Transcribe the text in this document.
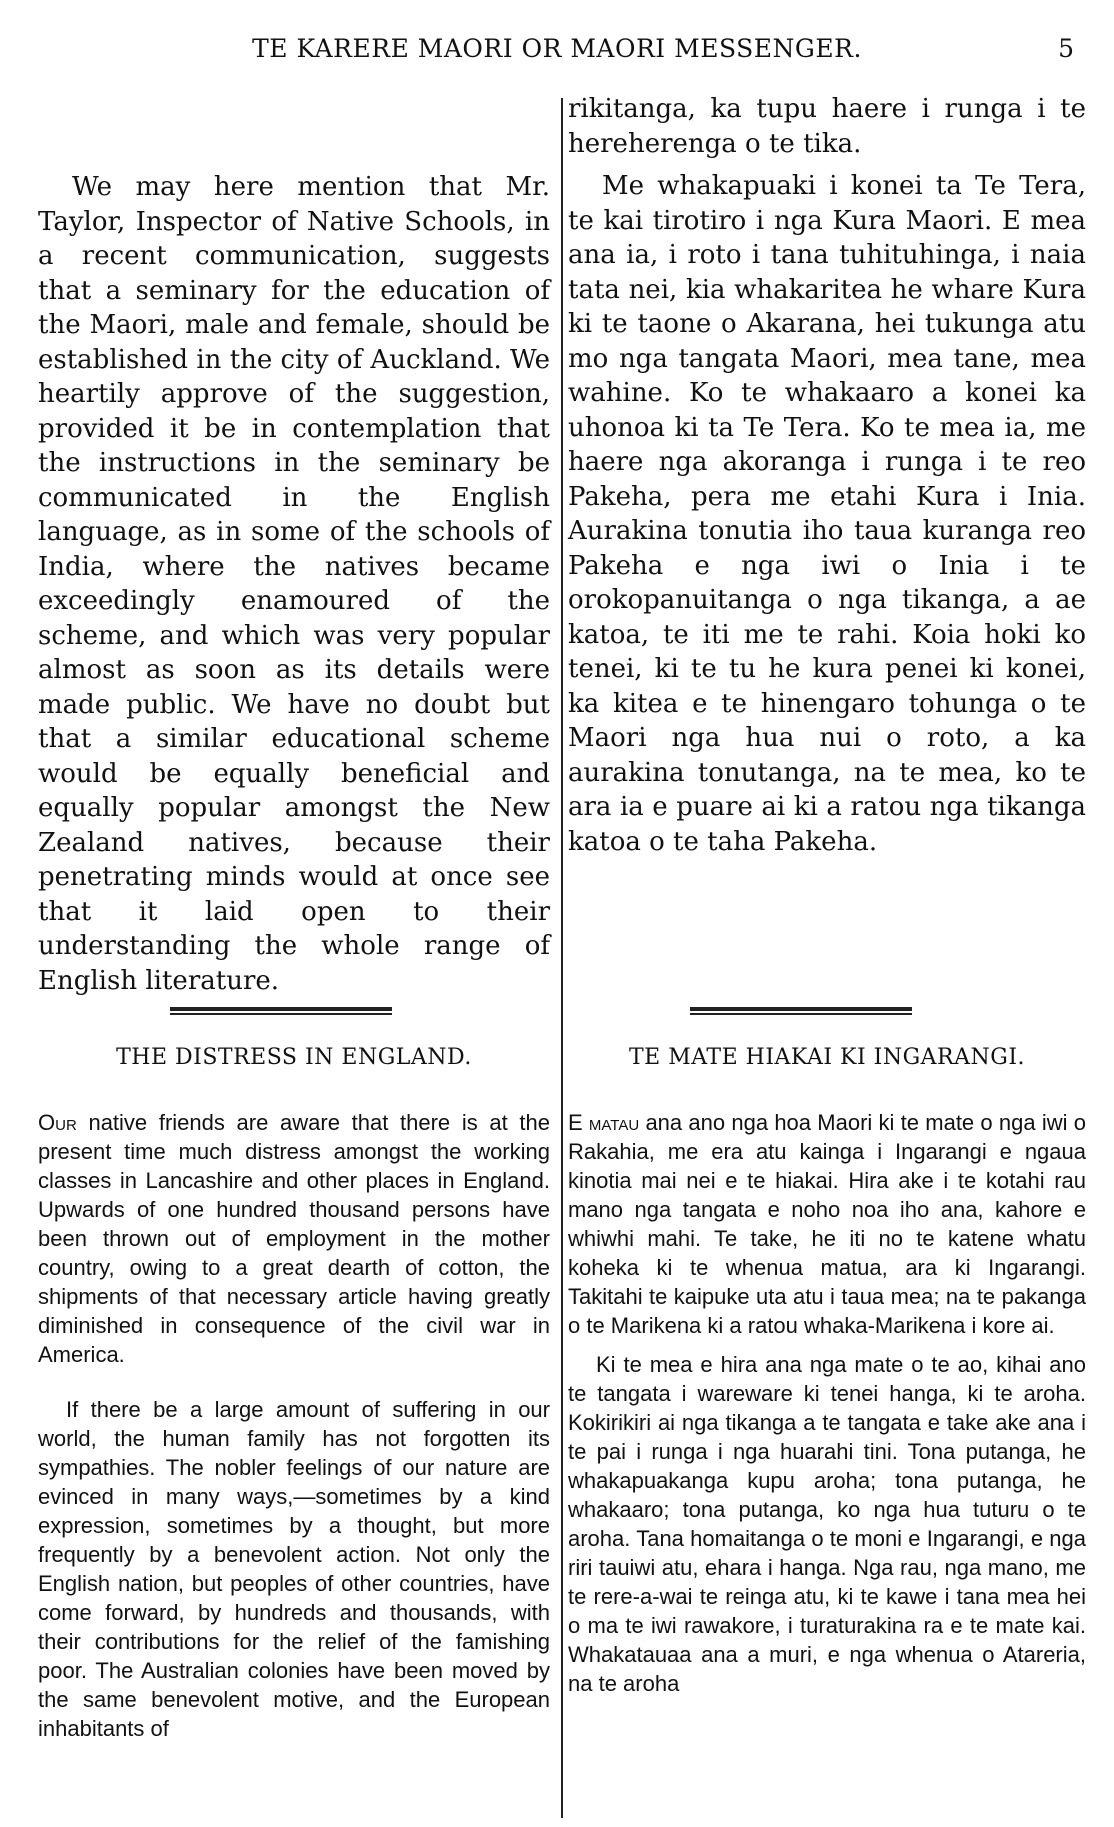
TE KARERE MAORI OR MAORI MESSENGER.	5

We may here mention that Mr. Taylor, Inspector of Native Schools, in a recent communication, suggests that a seminary for the education of the Maori, male and female, should be established in the city of Auckland. We heartily approve of the suggestion, provided it be in contemplation that the instructions in the seminary be communicated in the English language, as in some of the schools of India, where the natives became exceedingly enamoured of the scheme, and which was very popular almost as soon as its details were made public. We have no doubt but that a similar educational scheme would be equally beneficial and equally popular amongst the New Zealand natives, because their penetrating minds would at once see that it laid open to their understanding the whole range of English literature.

rikitanga, ka tupu haere i runga i te hereherenga o te tika.

Me whakapuaki i konei ta Te Tera, te kai tirotiro i nga Kura Maori. E mea ana ia, i roto i tana tuhituhinga, i naia tata nei, kia whakaritea he whare Kura ki te taone o Akarana, hei tukunga atu mo nga tangata Maori, mea tane, mea wahine. Ko te whakaaro a konei ka uhonoa ki ta Te Tera. Ko te mea ia, me haere nga akoranga i runga i te reo Pakeha, pera me etahi Kura i Inia. Aurakina tonutia iho taua kuranga reo Pakeha e nga iwi o Inia i te orokopanuitanga o nga tikanga, a ae katoa, te iti me te rahi. Koia hoki ko tenei, ki te tu he kura penei ki konei, ka kitea e te hinengaro tohunga o te Maori nga hua nui o roto, a ka aurakina tonutanga, na te mea, ko te ara ia e puare ai ki a ratou nga tikanga katoa o te taha Pakeha.

THE DISTRESS IN ENGLAND.	TE MATE HIAKAI KI INGARANGI.

Our native friends are aware that there is at the present time much distress amongst the working classes in Lancashire and other places in England. Upwards of one hundred thousand persons have been thrown out of employment in the mother country, owing to a great dearth of cotton, the shipments of that necessary article having greatly diminished in consequence of the civil war in America.

If there be a large amount of suffering in our world, the human family has not forgotten its sympathies. The nobler feelings of our nature are evinced in many ways,—sometimes by a kind expression, sometimes by a thought, but more frequently by a benevolent action. Not only the English nation, but peoples of other countries, have come forward, by hundreds and thousands, with their contributions for the relief of the famishing poor. The Australian colonies have been moved by the same benevolent motive, and the European inhabitants of

E matau ana ano nga hoa Maori ki te mate o nga iwi o Rakahia, me era atu kainga i Ingarangi e ngaua kinotia mai nei e te hiakai. Hira ake i te kotahi rau mano nga tangata e noho noa iho ana, kahore e whiwhi mahi. Te take, he iti no te katene whatu koheka ki te whenua matua, ara ki Ingarangi. Takitahi te kaipuke uta atu i taua mea; na te pakanga o te Marikena ki a ratou whaka-Marikena i kore ai.

Ki te mea e hira ana nga mate o te ao, kihai ano te tangata i wareware ki tenei hanga, ki te aroha. Kokirikiri ai nga tikanga a te tangata e take ake ana i te pai i runga i nga huarahi tini. Tona putanga, he whakapuakanga kupu aroha; tona putanga, he whakaaro; tona putanga, ko nga hua tuturu o te aroha. Tana homaitanga o te moni e Ingarangi, e nga riri tauiwi atu, ehara i hanga. Nga rau, nga mano, me te rere-a-wai te reinga atu, ki te kawe i tana mea hei o ma te iwi rawakore, i turaturakina ra e te mate kai. Whakatauaa ana a muri, e nga whenua o Atareria, na te aroha
